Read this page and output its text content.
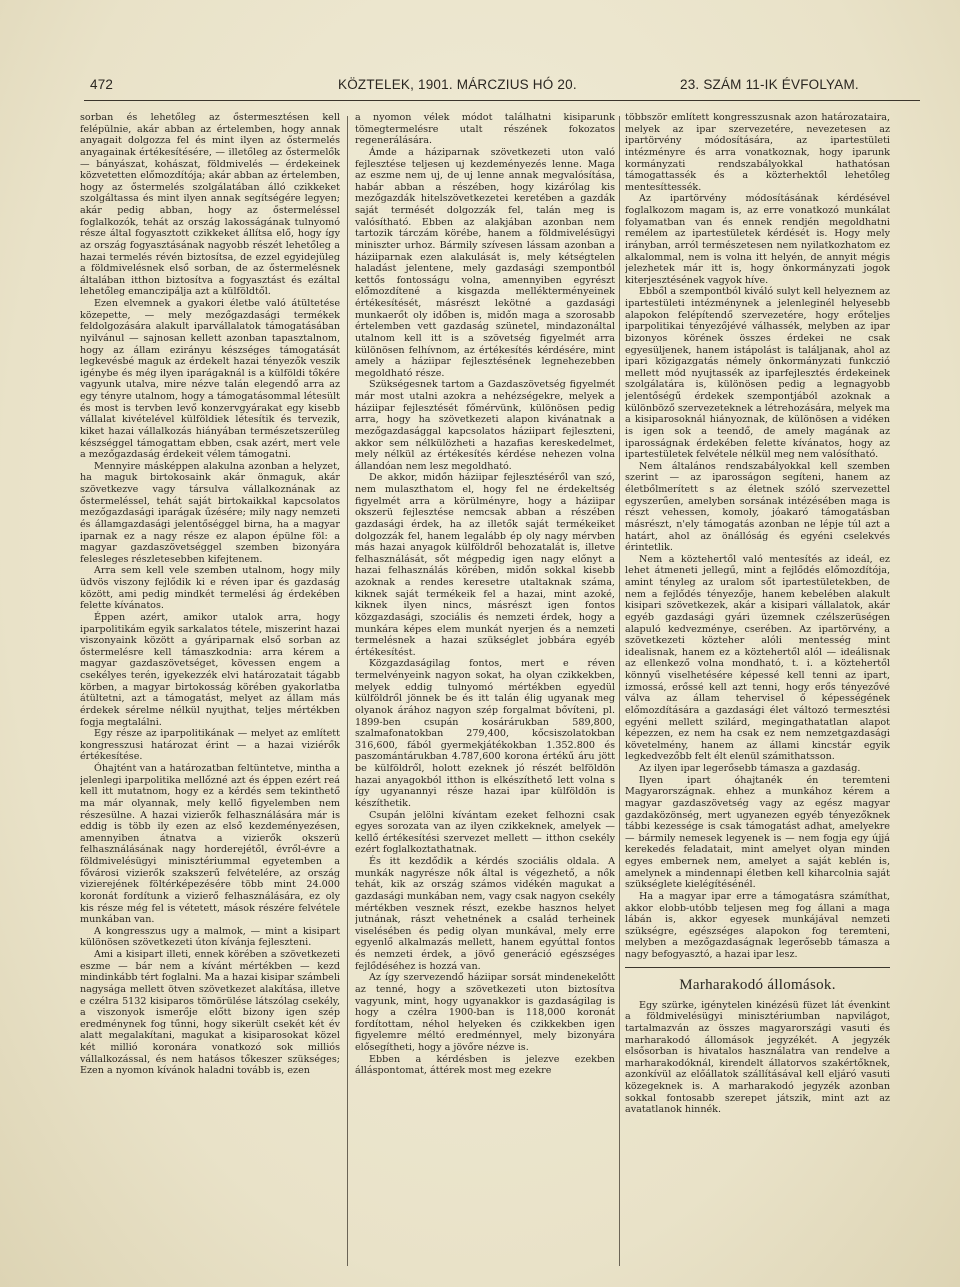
472	KÖZTELEK, 1901. MÁRCZIUS HÓ 20.	23. SZÁM 11-IK ÉVFOLYAM.

sorban és lehetőleg az őstermesztésen kell felépülnie, akár abban az értelemben, hogy annak anyagait dolgozza fel és mint ilyen az őstermelés anyagainak értékesítésére, — illetőleg az őstermelők — bányászat, kohászat, földmivelés — érdekeinek közvetetten előmozdítója; akár abban az értelemben, hogy az őstermelés szolgálatában álló czikkeket szolgáltassa és mint ilyen annak segítségére legyen; akár pedig abban, hogy az őstermeléssel foglalkozók, tehát az ország lakosságának tulnyomó része által fogyasztott czikkeket állítsa elő, hogy így az ország fogyasztásának nagyobb részét lehetőleg a hazai termelés révén biztosítsa, de ezzel egyidejüleg a földmivelésnek első sorban, de az őstermelésnek általában itthon biztosítva a fogyasztást és ezáltal lehetőleg emanczipálja azt a külföldtől.

Ezen elvemnek a gyakori életbe való átültetése közepette, — mely mezőgazdasági termékek feldolgozására alakult iparvállalatok támogatásában nyilvánul — sajnosan kellett azonban tapasztalnom, hogy az állam ezirányu készséges támogatását legkevésbé maguk az érdekelt hazai tényezők veszik igénybe és még ilyen iparágaknál is a külföldi tőkére vagyunk utalva, mire nézve talán elegendő arra az egy tényre utalnom, hogy a támogatásommal létesült és most is tervben levő konzervgyárakat egy kisebb vállalat kivételével külföldiek létesítik és tervezik, kiket hazai vállalkozás hiányában természetszerüleg készséggel támogattam ebben, csak azért, mert vele a mezőgazdaság érdekeit vélem támogatni.

Mennyire másképpen alakulna azonban a helyzet, ha maguk birtokosaink akár önmaguk, akár szövetkezve vagy társulva vállalkoznának az őstermeléssel, tehát saját birtokaikkal kapcsolatos mezőgazdasági iparágak űzésére; mily nagy nemzeti és államgazdasági jelentőséggel birna, ha a magyar iparnak ez a nagy része ez alapon épülne föl: a magyar gazdaszövetséggel szemben bizonyára felesleges részletesebben kifejtenem.

Arra sem kell vele szemben utalnom, hogy mily üdvös viszony fejlődik ki e réven ipar és gazdaság között, ami pedig mindkét termelési ág érdekében felette kívánatos.

Éppen azért, amikor utalok arra, hogy iparpolitikám egyik sarkalatos tétele, miszerint hazai viszonyaink között a gyáriparnak első sorban az őstermelésre kell támaszkodnia: arra kérem a magyar gazdaszövetséget, kövessen engem a csekélyes terén, igyekezzék elvi határozatait tágabb körben, a magyar birtokosság körében gyakorlatba átültetni, azt a támogatást, melyet az állam más érdekek sérelme nélkül nyujthat, teljes mértékben fogja megtalálni.

Egy része az iparpolitikának — melyet az említett kongresszusi határozat érint — a hazai viziérők értékesítése.

Óhajtént van a határozatban feltüntetve, mintha a jelenlegi iparpolitika mellőzné azt és éppen ezért reá kell itt mutatnom, hogy ez a kérdés sem tekinthető ma már olyannak, mely kellő figyelemben nem részesülne. A hazai vizierők felhasználására már is eddig is több ily ezen az első kezdeményezésen, amennyiben átnatva a vizierők okszerü felhasználásának nagy horderejétől, évről-évre a földmivelésügyi minisztériummal egyetemben a fővárosi vizierők szakszerű felvételére, az ország vizierejének föltérképezésére több mint 24.000 koronát fordítunk a vizierő felhasználására, ez oly kis része még fel is vétetett, mások részére felvétele munkában van.

A kongresszus ugy a malmok, — mint a kisipart különösen szövetkezeti úton kívánja fejleszteni.

Ami a kisipart illeti, ennek körében a szövetkezeti eszme — bár nem a kívánt mértékben — kezd mindinkább tért foglalni. Ma a hazai kisipar számbeli nagysága mellett ötven szövetkezet alakítása, illetve e czélra 5132 kisiparos tömörülése látszólag csekély, a viszonyok ismerője előtt bizony igen szép eredménynek fog tűnni, hogy sikerült csekét két év alatt megalakítani, magukat a kisiparosokat közel két millió koronára vonatkozó sok milliós vállalkozással, és nem hatásos tőkeszer szükséges; Ezen a nyomon kívánok haladni tovább is, ezen

a nyomon vélek módot találhatni kisiparunk tömegtermelésre utalt részének fokozatos regenerálására.

Ámde a háziparnak szövetkezeti uton való fejlesztése teljesen uj kezdeményezés lenne. Maga az eszme nem uj, de uj lenne annak megvalósítása, habár abban a részében, hogy kizárólag kis mezőgazdák hitelszövetkezetei keretében a gazdák saját termését dolgozzák fel, talán meg is valósítható. Ebben az alakjában azonban nem tartozik tárczám körébe, hanem a földmivelésügyi miniszter urhoz. Bármily szívesen lássam azonban a háziiparnak ezen alakulását is, mely kétségtelen haladást jelentene, mely gazdasági szempontból kettős fontosságu volna, amennyiben egyrészt előmozdítené a kisgazda mellékterményeinek értékesítését, másrészt lekötné a gazdasági munkaerőt oly időben is, midőn maga a szorosabb értelemben vett gazdaság szünetel, mindazonáltal utalnom kell itt is a szövetség figyelmét arra különösen felhívnom, az értékesítés kérdésére, mint amely a háziipar fejlesztésének legnehezebben megoldható része.

Szükségesnek tartom a Gazdaszövetség figyelmét már most utalni azokra a nehézségekre, melyek a háziipar fejlesztését főmérvünk, különösen pedig arra, hogy ha szövetkezeti alapon kivánatnak a mezőgazdasággal kapcsolatos háziipart fejleszteni, akkor sem nélkülözheti a hazafias kereskedelmet, mely nélkül az értékesítés kérdése nehezen volna állandóan nem lesz megoldható.

De akkor, midőn háziipar fejlesztéséről van szó, nem mulaszthatom el, hogy fel ne érdekeltség figyelmét arra a körülményre, hogy a háziipar okszerü fejlesztése nemcsak abban a részében gazdasági érdek, ha az illetők saját termékeiket dolgozzák fel, hanem legalább ép oly nagy mérvben más hazai anyagok külföldről behozatalát is, illetve felhasználását, sőt mégpedig igen nagy előnyt a hazai felhasználás körében, midőn sokkal kisebb azoknak a rendes keresetre utaltaknak száma, kiknek saját termékeik fel a hazai, mint azoké, kiknek ilyen nincs, másrészt igen fontos közgazdasági, szociális és nemzeti érdek, hogy a munkára képes elem munkát nyerjen és a nemzeti termelésnek a hazai szükséglet jobbára egyéb értékesítést.

Közgazdaságilag fontos, mert e réven termelvényeink nagyon sokat, ha olyan czikkekben, melyek eddig tulnyomó mértékben egyedül külföldről jönnek be és itt talán élig ugyanak meg olyanok árához nagyon szép forgalmat bővíteni, pl. 1899-ben csupán kosárárukban 589,800, szalmafonatokban 279,400, kőcsiszolatokban 316,600, fából gyermekjátékokban 1.352.800 és paszomántárukban 4.787,600 korona értékű áru jött be külföldről, holott ezeknek jó részét belföldön hazai anyagokból itthon is elkészíthető lett volna s így ugyanannyi része hazai ipar külföldön is készíthetik.

Csupán jelölni kívántam ezeket felhozni csak egyes sorozata van az ilyen czikkeknek, amelyek — kellő értékesítési szervezet mellett — itthon csekély ezért foglalkoztathatnak.

És itt kezdődik a kérdés szociális oldala. A munkák nagyrésze nők által is végezhető, a nők tehát, kik az ország számos vidékén magukat a gazdasági munkában nem, vagy csak nagyon csekély mértékben vesznek részt, ezekbe hasznos helyet jutnának, rászt vehetnének a család terheinek viselésében és pedig olyan munkával, mely erre egyenlő alkalmazás mellett, hanem egyúttal fontos és nemzeti érdek, a jövő generáció egészséges fejlődéséhez is hozzá van.

Az így szervezendő háziipar sorsát mindenekelőtt az tenné, hogy a szövetkezeti uton biztosítva vagyunk, mint, hogy ugyanakkor is gazdaságilag is hogy a czélra 1900-ban is 118,000 koronát fordítottam, néhol helyeken és czikkekben igen figyelemre méltó eredménnyel, mely bizonyára elősegítheti, hogy a jövőre nézve is.

Ebben a kérdésben is jelezve ezekben álláspontomat, áttérek most meg ezekre

többször említett kongresszusnak azon határozataira, melyek az ipar szervezetére, nevezetesen az ipartörvény módosítására, az ipartestületi intézményre és arra vonatkoznak, hogy iparunk kormányzati rendszabályokkal hathatósan támogattassék és a közterhektől lehetőleg mentesíttessék.

Az ipartörvény módosításának kérdésével foglalkozom magam is, az erre vonatkozó munkálat folyamatban van és ennek rendjén megoldhatni remélem az ipartestületek kérdését is. Hogy mely irányban, arról természetesen nem nyilatkozhatom ez alkalommal, nem is volna itt helyén, de annyit mégis jelezhetek már itt is, hogy önkormányzati jogok kiterjesztésének vagyok híve.

Ebből a szempontból kiváló sulyt kell helyeznem az ipartestületi intézménynek a jelenleginél helyesebb alapokon felépítendő szervezetére, hogy erőteljes iparpolitikai tényezőjévé válhassék, melyben az ipar bizonyos körének összes érdekei ne csak egyesüljenek, hanem istápolást is találjanak, ahol az ipari közigazgatás némely önkormányzati funkczió mellett mód nyujtassék az iparfejlesztés érdekeinek szolgálatára is, különösen pedig a legnagyobb jelentőségű érdekek szempontjából azoknak a különböző szervezeteknek a létrehozására, melyek ma a kisiparosoknál hiányoznak, de különösen a vidéken is igen sok a teendő, de amely magának az iparosságnak érdekében felette kívánatos, hogy az ipartestületek felvétele nélkül meg nem valósítható.

Nem általános rendszabályokkal kell szemben szerint — az iparosságon segíteni, hanem az életbőlmerített s az életnek szóló szervezettel egyszerűen, amelyben sorsának intézésében maga is részt vehessen, komoly, jóakaró támogatásban másrészt, n'ely támogatás azonban ne lépje túl azt a határt, ahol az önállóság és egyéni cselekvés érintetlik.

Nem a köztehertől való mentesítés az ideál, ez lehet átmeneti jellegű, mint a fejlődés előmozdítója, amint tényleg az uralom sőt ipartestületekben, de nem a fejlődés tényezője, hanem kebelében alakult kisipari szövetkezek, akár a kisipari vállalatok, akár egyéb gazdasági gyári üzemnek czélszerüségen alapuló kedvezménye, cserében. Az ipartörvény, a szövetkezeti közteher alóli mentesség mint idealisnak, hanem ez a köztehertől alól — ideálisnak az ellenkező volna mondható, t. i. a köztehertől könnyű viselhetésére képessé kell tenni az ipart, izmossá, erőssé kell azt tenni, hogy erős tényezővé válva az állam tehervisel ő képességének előmozdítására a gazdasági élet változó termesztési egyéni mellett szilárd, megingathatatlan alapot képezzen, ez nem ha csak ez nem nemzetgazdasági követelmény, hanem az állami kincstár egyik legkedvezőbb felt élt elenül számithatsson.

Az ilyen ipar legerősebb támasza a gazdaság.

Ilyen ipart óhajtanék én teremteni Magyarországnak. ehhez a munkához kérem a magyar gazdaszövetség vagy az egész magyar gazdaközönség, mert ugyanezen egyéb tényezőknek tábbi kezessége is csak támogatást adhat, amelyekre — bármily nemesek legyenek is — nem fogja egy újjá kerekedés feladatait, mint amelyet olyan minden egyes embernek nem, amelyet a saját keblén is, amelynek a mindennapi életben kell kiharcolnia saját szükséglete kielégítésénél.

Ha a magyar ipar erre a támogatásra számíthat, akkor elobb-utóbb teljesen meg fog állani a maga lábán is, akkor egyesek munkájával nemzeti szükségre, egészséges alapokon fog teremteni, melyben a mezőgazdaságnak legerősebb támasza a nagy befogyasztó, a hazai ipar lesz.

Marharakodó állomások.

Egy szürke, igénytelen kinézésü füzet lát évenkint a földmivelésügyi minisztériumban napvilágot, tartalmazván az összes magyarországi vasuti és marharakodó állomások jegyzékét. A jegyzék elsősorban is hivatalos használatra van rendelve a marharakodóknál, kirendelt állatorvos szakértőknek, azonkívül az előállatok szállításával kell eljáró vasuti közegeknek is. A marharakodó jegyzék azonban sokkal fontosabb szerepet játszik, mint azt az avatatlanok hinnék.
